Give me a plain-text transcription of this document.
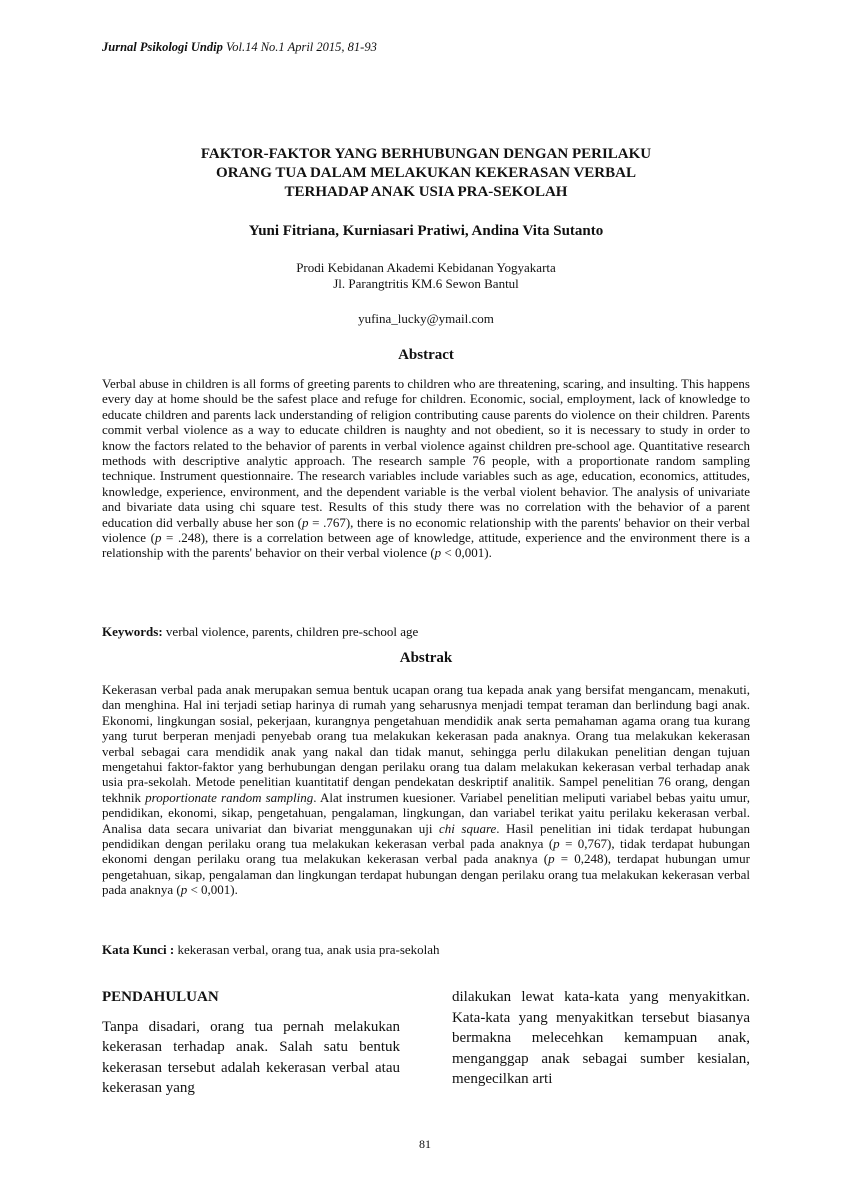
Jurnal Psikologi Undip Vol.14 No.1 April 2015, 81-93
FAKTOR-FAKTOR YANG BERHUBUNGAN DENGAN PERILAKU
ORANG TUA DALAM MELAKUKAN KEKERASAN VERBAL
TERHADAP ANAK USIA PRA-SEKOLAH
Yuni Fitriana, Kurniasari Pratiwi, Andina Vita Sutanto
Prodi Kebidanan Akademi Kebidanan Yogyakarta
Jl. Parangtritis KM.6 Sewon Bantul
yufina_lucky@ymail.com
Abstract
Verbal abuse in children is all forms of greeting parents to children who are threatening, scaring, and insulting. This happens every day at home should be the safest place and refuge for children. Economic, social, employment, lack of knowledge to educate children and parents lack understanding of religion contributing cause parents do violence on their children. Parents commit verbal violence as a way to educate children is naughty and not obedient, so it is necessary to study in order to know the factors related to the behavior of parents in verbal violence against children pre-school age. Quantitative research methods with descriptive analytic approach. The research sample 76 people, with a proportionate random sampling technique. Instrument questionnaire. The research variables include variables such as age, education, economics, attitudes, knowledge, experience, environment, and the dependent variable is the verbal violent behavior. The analysis of univariate and bivariate data using chi square test. Results of this study there was no correlation with the behavior of a parent education did verbally abuse her son (p = .767), there is no economic relationship with the parents' behavior on their verbal violence (p = .248), there is a correlation between age of knowledge, attitude, experience and the environment there is a relationship with the parents' behavior on their verbal violence (p < 0,001).
Keywords: verbal violence, parents, children pre-school age
Abstrak
Kekerasan verbal pada anak merupakan semua bentuk ucapan orang tua kepada anak yang bersifat mengancam, menakuti, dan menghina. Hal ini terjadi setiap harinya di rumah yang seharusnya menjadi tempat teraman dan berlindung bagi anak. Ekonomi, lingkungan sosial, pekerjaan, kurangnya pengetahuan mendidik anak serta pemahaman agama orang tua kurang yang turut berperan menjadi penyebab orang tua melakukan kekerasan pada anaknya. Orang tua melakukan kekerasan verbal sebagai cara mendidik anak yang nakal dan tidak manut, sehingga perlu dilakukan penelitian dengan tujuan mengetahui faktor-faktor yang berhubungan dengan perilaku orang tua dalam melakukan kekerasan verbal terhadap anak usia pra-sekolah. Metode penelitian kuantitatif dengan pendekatan deskriptif analitik. Sampel penelitian 76 orang, dengan tekhnik proportionate random sampling. Alat instrumen kuesioner. Variabel penelitian meliputi variabel bebas yaitu umur, pendidikan, ekonomi, sikap, pengetahuan, pengalaman, lingkungan, dan variabel terikat yaitu perilaku kekerasan verbal. Analisa data secara univariat dan bivariat menggunakan uji chi square. Hasil penelitian ini tidak terdapat hubungan pendidikan dengan perilaku orang tua melakukan kekerasan verbal pada anaknya (p = 0,767), tidak terdapat hubungan ekonomi dengan perilaku orang tua melakukan kekerasan verbal pada anaknya (p = 0,248), terdapat hubungan umur pengetahuan, sikap, pengalaman dan lingkungan terdapat hubungan dengan perilaku orang tua melakukan kekerasan verbal pada anaknya (p < 0,001).
Kata Kunci : kekerasan verbal, orang tua, anak usia pra-sekolah
PENDAHULUAN
Tanpa disadari, orang tua pernah melakukan kekerasan terhadap anak. Salah satu bentuk kekerasan tersebut adalah kekerasan verbal atau kekerasan yang
dilakukan lewat kata-kata yang menyakitkan. Kata-kata yang menyakitkan tersebut biasanya bermakna melecehkan kemampuan anak, menganggap anak sebagai sumber kesialan, mengecilkan arti
81
